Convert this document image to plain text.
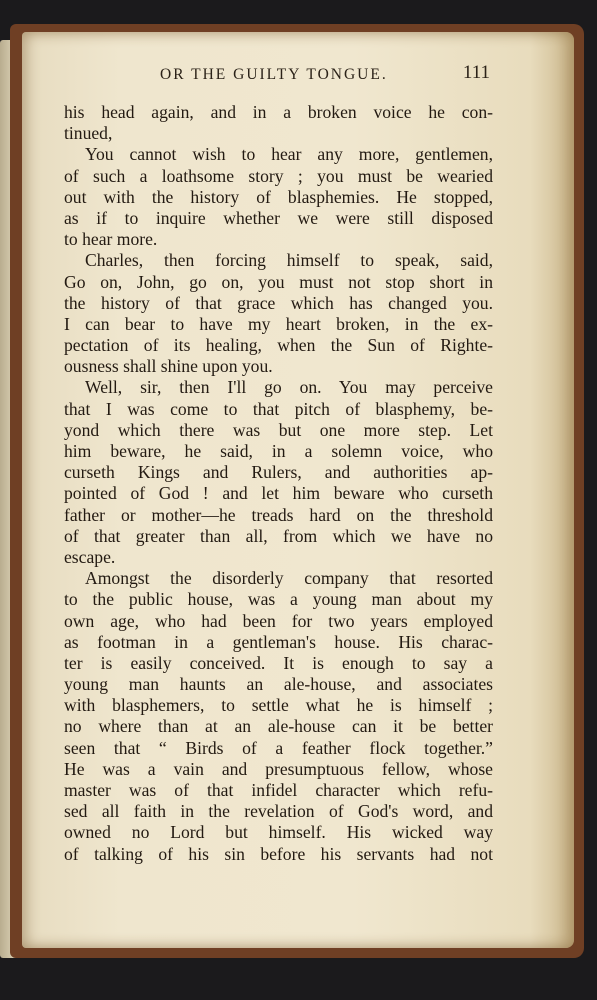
OR THE GUILTY TONGUE.	111
his head again, and in a broken voice he con-
tinued,
You cannot wish to hear any more, gentlemen,
of such a loathsome story ; you must be wearied
out with the history of blasphemies. He stopped,
as if to inquire whether we were still disposed
to hear more.
Charles, then forcing himself to speak, said,
Go on, John, go on, you must not stop short in
the history of that grace which has changed you.
I can bear to have my heart broken, in the ex-
pectation of its healing, when the Sun of Righte-
ousness shall shine upon you.
Well, sir, then I'll go on. You may perceive
that I was come to that pitch of blasphemy, be-
yond which there was but one more step. Let
him beware, he said, in a solemn voice, who
curseth Kings and Rulers, and authorities ap-
pointed of God ! and let him beware who curseth
father or mother—he treads hard on the threshold
of that greater than all, from which we have no
escape.
Amongst the disorderly company that resorted
to the public house, was a young man about my
own age, who had been for two years employed
as footman in a gentleman's house. His charac-
ter is easily conceived. It is enough to say a
young man haunts an ale-house, and associates
with blasphemers, to settle what he is himself ;
no where than at an ale-house can it be better
seen that “ Birds of a feather flock together.”
He was a vain and presumptuous fellow, whose
master was of that infidel character which refu-
sed all faith in the revelation of God's word, and
owned no Lord but himself. His wicked way
of talking of his sin before his servants had not
